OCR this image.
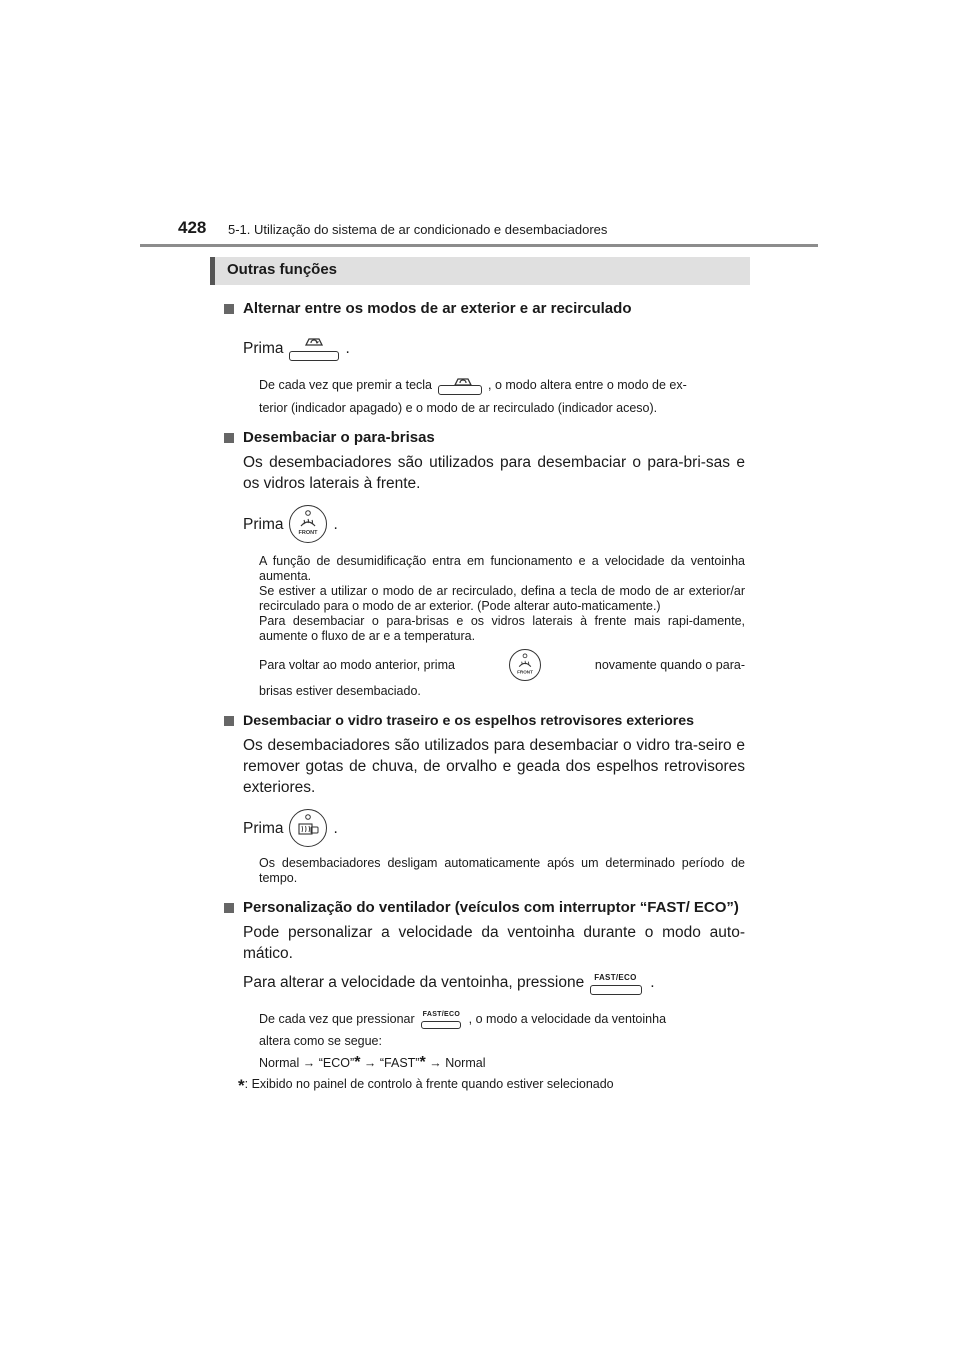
428 5-1. Utilização do sistema de ar condicionado e desembaciadores
Outras funções

Alternar entre os modos de ar exterior e ar recirculado

Prima	.
De cada vez que premir a tecla	, o modo altera entre o modo de ex-

terior (indicador apagado) e o modo de ar recirculado (indicador aceso).

Desembaciar o para-brisas

Os desembaciadores são utilizados para desembaciar o para-bri-sas e os vidros laterais à frente.

Prima
FRONT
.

A função de desumidificação entra em funcionamento e a velocidade da ventoinha aumenta.

Se estiver a utilizar o modo de ar recirculado, defina a tecla de modo de ar exterior/ar recirculado para o modo de ar exterior. (Pode alterar auto-maticamente.)

Para desembaciar o para-brisas e os vidros laterais à frente mais rapi-damente, aumente o fluxo de ar e a temperatura.

Para voltar ao modo anterior, prima
FRONT
novamente quando o para-

brisas estiver desembaciado.

Desembaciar o vidro traseiro e os espelhos retrovisores exteriores

Os desembaciadores são utilizados para desembaciar o vidro tra-seiro e remover gotas de chuva, de orvalho e geada dos espelhos retrovisores exteriores.

Prima	.

Os desembaciadores desligam automaticamente após um determinado período de tempo.

Personalização do ventilador (veículos com interruptor “FAST/ ECO”)

Pode personalizar a velocidade da ventoinha durante o modo auto-mático.

Para alterar a velocidade da ventoinha, pressione FAST/ECO .
De cada vez que pressionar FAST/ECO , o modo a velocidade da ventoinha

altera como se segue:

Normal → “ECO”* → “FAST”* → Normal

*: Exibido no painel de controlo à frente quando estiver selecionado
